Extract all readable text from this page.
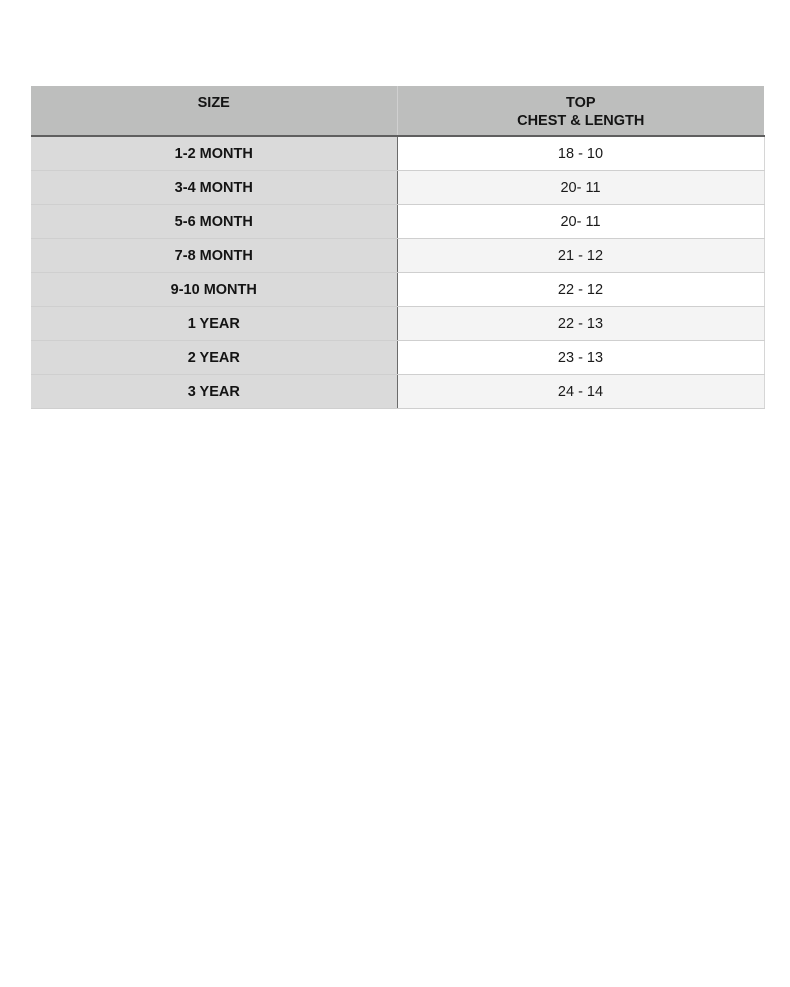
SIZE	TOP
CHEST & LENGTH

1-2 MONTH	18 - 10
3-4 MONTH	20- 11
5-6 MONTH	20- 11
7-8 MONTH	21 - 12
9-10 MONTH	22 - 12
1 YEAR	22 - 13
2 YEAR	23 - 13
3 YEAR	24 - 14
